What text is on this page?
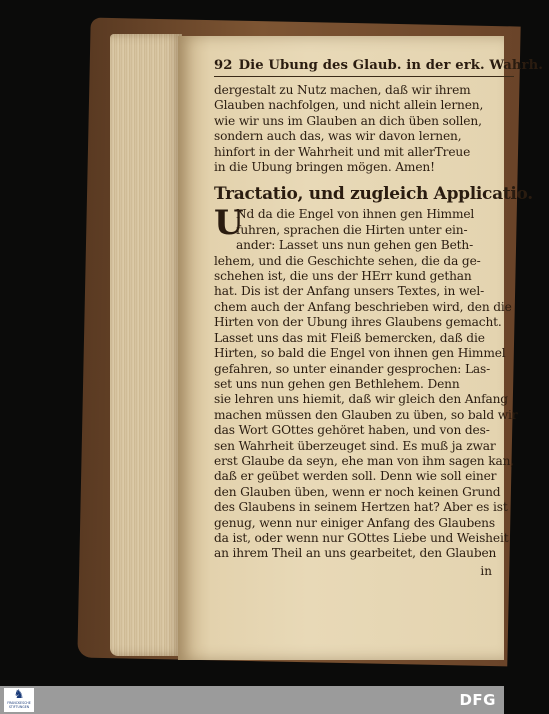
92 Die Ubung des Glaub. in der erk. Wahrh.
dergestalt zu Nutz machen, daß wir ihrem
Glauben nachfolgen, und nicht allein lernen,
wie wir uns im Glauben an dich üben sollen,
sondern auch das, was wir davon lernen,
hinfort in der Wahrheit und mit allerTreue
in die Ubung bringen mögen. Amen!
Tractatio, und zugleich Applicatio.
U
Nd da die Engel von ihnen gen Himmel
fuhren, sprachen die Hirten unter ein-
ander: Lasset uns nun gehen gen Beth-
lehem, und die Geschichte sehen, die da ge-
schehen ist, die uns der HErr kund gethan
hat. Dis ist der Anfang unsers Textes, in wel-
chem auch der Anfang beschrieben wird, den die
Hirten von der Ubung ihres Glaubens gemacht.
Lasset uns das mit Fleiß bemercken, daß die
Hirten, so bald die Engel von ihnen gen Himmel
gefahren, so unter einander gesprochen: Las-
set uns nun gehen gen Bethlehem. Denn
sie lehren uns hiemit, daß wir gleich den Anfang
machen müssen den Glauben zu üben, so bald wir
das Wort GOttes gehöret haben, und von des-
sen Wahrheit überzeuget sind. Es muß ja zwar
erst Glaube da seyn, ehe man von ihm sagen kan,
daß er geübet werden soll. Denn wie soll einer
den Glauben üben, wenn er noch keinen Grund
des Glaubens in seinem Hertzen hat? Aber es ist
genug, wenn nur einiger Anfang des Glaubens
da ist, oder wenn nur GOttes Liebe und Weisheit
an ihrem Theil an uns gearbeitet, den Glauben
in
♞
FRANCKESCHE STIFTUNGEN	DFG
